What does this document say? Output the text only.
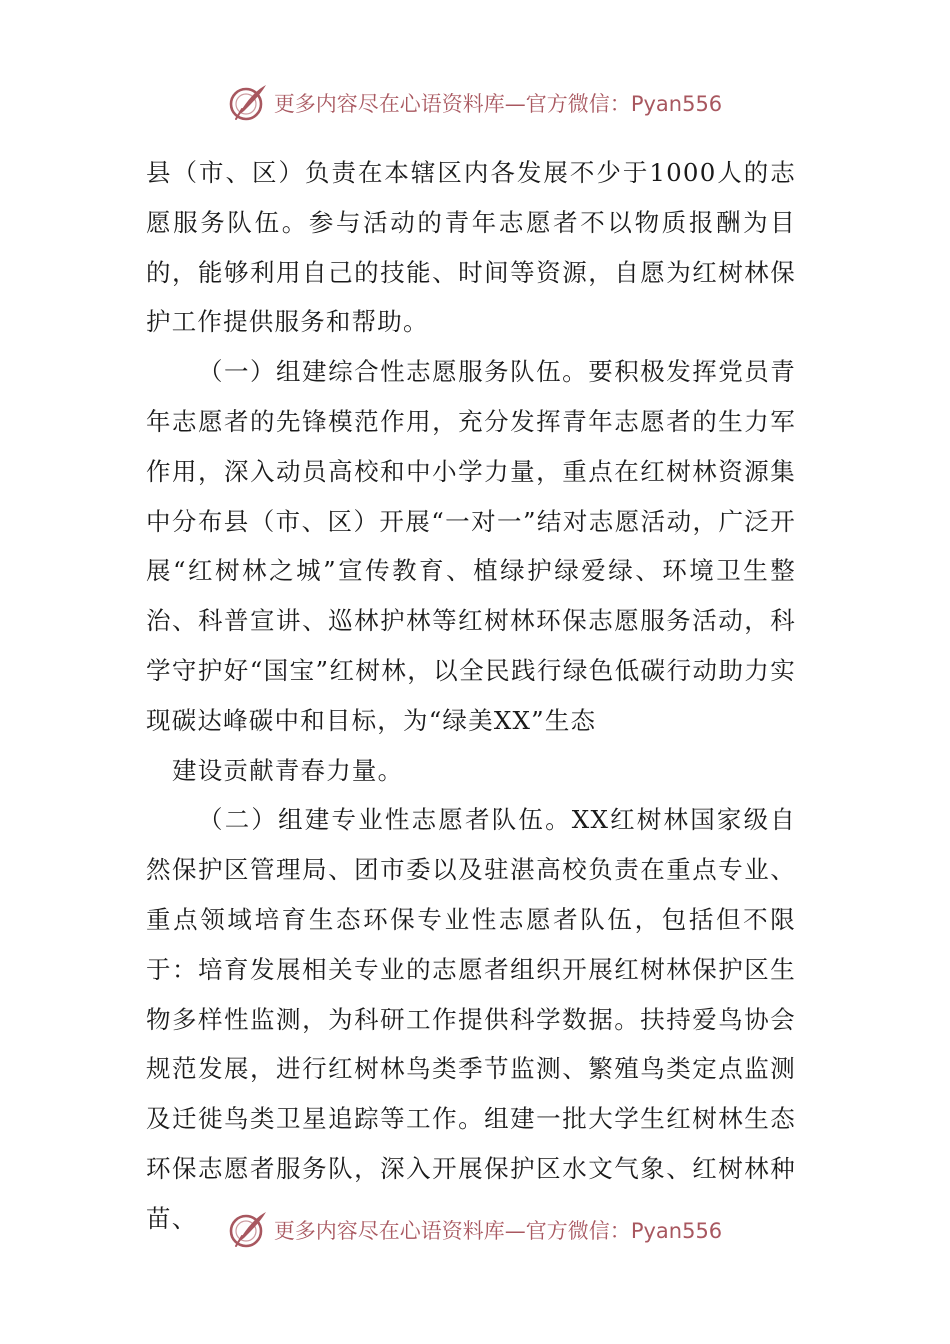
更多内容尽在心语资料库—官方微信：Pyan556

县（市、区）负责在本辖区内各发展不少于1000人的志愿服务队伍。参与活动的青年志愿者不以物质报酬为目的，能够利用自己的技能、时间等资源，自愿为红树林保护工作提供服务和帮助。

（一）组建综合性志愿服务队伍。要积极发挥党员青年志愿者的先锋模范作用，充分发挥青年志愿者的生力军作用，深入动员高校和中小学力量，重点在红树林资源集中分布县（市、区）开展“一对一”结对志愿活动，广泛开展“红树林之城”宣传教育、植绿护绿爱绿、环境卫生整治、科普宣讲、巡林护林等红树林环保志愿服务活动，科学守护好“国宝”红树林，以全民践行绿色低碳行动助力实现碳达峰碳中和目标，为“绿美XX”生态

建设贡献青春力量。

（二）组建专业性志愿者队伍。XX红树林国家级自然保护区管理局、团市委以及驻湛高校负责在重点专业、重点领域培育生态环保专业性志愿者队伍，包括但不限于：培育发展相关专业的志愿者组织开展红树林保护区生物多样性监测，为科研工作提供科学数据。扶持爱鸟协会规范发展，进行红树林鸟类季节监测、繁殖鸟类定点监测及迁徙鸟类卫星追踪等工作。组建一批大学生红树林生态环保志愿者服务队，深入开展保护区水文气象、红树林种苗、	更多内容尽在心语资料库—官方微信：Pyan556
